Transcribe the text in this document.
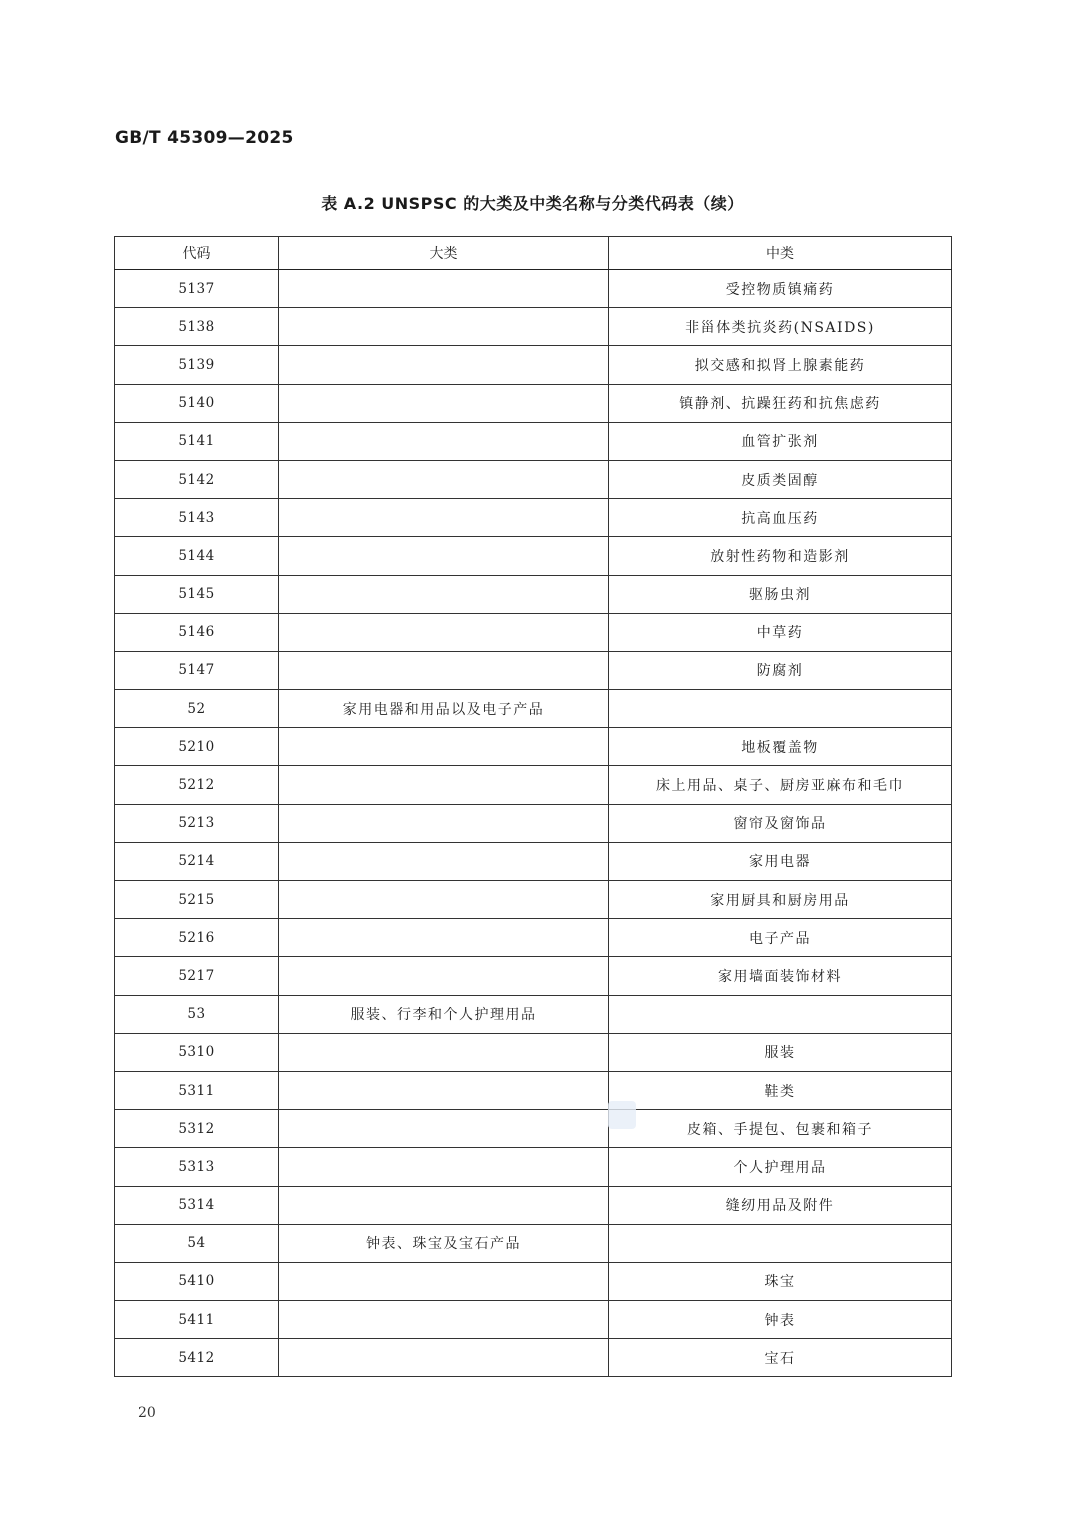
GB/T 45309—2025
表 A.2 UNSPSC 的大类及中类名称与分类代码表（续）
代码	大类	中类
5137		受控物质镇痛药
5138		非甾体类抗炎药(NSAIDS)
5139		拟交感和拟肾上腺素能药
5140		镇静剂、抗躁狂药和抗焦虑药
5141		血管扩张剂
5142		皮质类固醇
5143		抗高血压药
5144		放射性药物和造影剂
5145		驱肠虫剂
5146		中草药
5147		防腐剂
52	家用电器和用品以及电子产品	
5210		地板覆盖物
5212		床上用品、桌子、厨房亚麻布和毛巾
5213		窗帘及窗饰品
5214		家用电器
5215		家用厨具和厨房用品
5216		电子产品
5217		家用墙面装饰材料
53	服装、行李和个人护理用品	
5310		服装
5311		鞋类
5312		皮箱、手提包、包裹和箱子
5313		个人护理用品
5314		缝纫用品及附件
54	钟表、珠宝及宝石产品	
5410		珠宝
5411		钟表
5412		宝石
20
